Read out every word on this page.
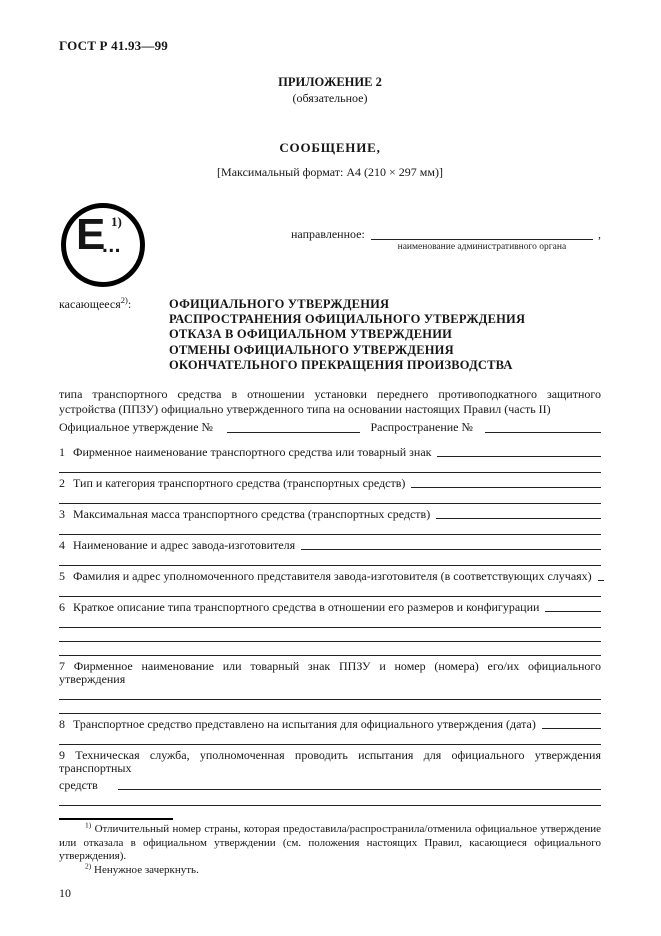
ГОСТ Р 41.93—99
ПРИЛОЖЕНИЕ 2
(обязательное)
СООБЩЕНИЕ,
[Максимальный формат: А4 (210 × 297 мм)]
E
...
1)
направленное:
наименование административного органа
,
касающееся$^{2)}$:	ОФИЦИАЛЬНОГО УТВЕРЖДЕНИЯ
РАСПРОСТРАНЕНИЯ ОФИЦИАЛЬНОГО УТВЕРЖДЕНИЯ
ОТКАЗА В ОФИЦИАЛЬНОМ УТВЕРЖДЕНИИ
ОТМЕНЫ ОФИЦИАЛЬНОГО УТВЕРЖДЕНИЯ
ОКОНЧАТЕЛЬНОГО ПРЕКРАЩЕНИЯ ПРОИЗВОДСТВА
типа транспортного средства в отношении установки переднего противоподкатного защитного устройства (ППЗУ) официально утвержденного типа на основании настоящих Правил (часть II)
Официальное утверждение №	Распространение №
1 Фирменное наименование транспортного средства или товарный знак
2 Тип и категория транспортного средства (транспортных средств)
3 Максимальная масса транспортного средства (транспортных средств)
4 Наименование и адрес завода-изготовителя
5 Фамилия и адрес уполномоченного представителя завода-изготовителя (в соответствующих случаях)
6 Краткое описание типа транспортного средства в отношении его размеров и конфигурации
7 Фирменное наименование или товарный знак ППЗУ и номер (номера) его/их официального утверждения
8 Транспортное средство представлено на испытания для официального утверждения (дата)
9 Техническая служба, уполномоченная проводить испытания для официального утверждения транспортных
средств
$^{1)}$ Отличительный номер страны, которая предоставила/распространила/отменила официальное утверждение или отказала в официальном утверждении (см. положения настоящих Правил, касающиеся официального утверждения).
$^{2)}$ Ненужное зачеркнуть.
10
